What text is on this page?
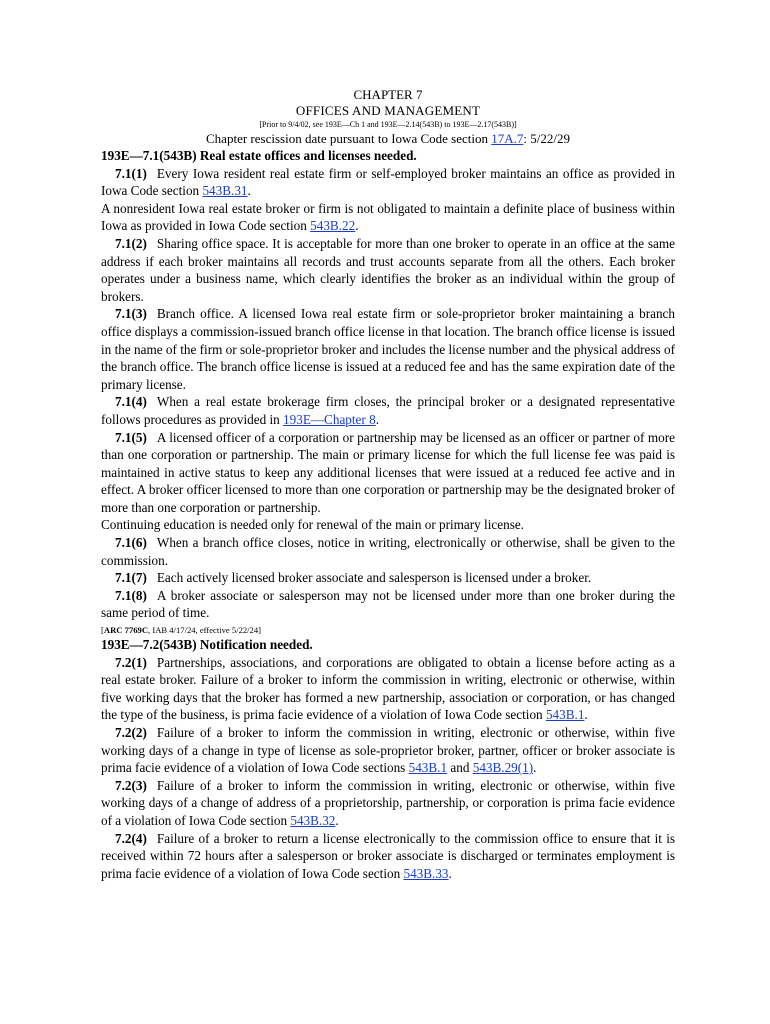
CHAPTER 7
OFFICES AND MANAGEMENT
[Prior to 9/4/02, see 193E—Ch 1 and 193E—2.14(543B) to 193E—2.17(543B)]
Chapter rescission date pursuant to Iowa Code section 17A.7: 5/22/29

193E—7.1(543B) Real estate offices and licenses needed.

7.1(1) Every Iowa resident real estate firm or self-employed broker maintains an office as provided in Iowa Code section 543B.31.

A nonresident Iowa real estate broker or firm is not obligated to maintain a definite place of business within Iowa as provided in Iowa Code section 543B.22.

7.1(2) Sharing office space. It is acceptable for more than one broker to operate in an office at the same address if each broker maintains all records and trust accounts separate from all the others. Each broker operates under a business name, which clearly identifies the broker as an individual within the group of brokers.

7.1(3) Branch office. A licensed Iowa real estate firm or sole-proprietor broker maintaining a branch office displays a commission-issued branch office license in that location. The branch office license is issued in the name of the firm or sole-proprietor broker and includes the license number and the physical address of the branch office. The branch office license is issued at a reduced fee and has the same expiration date of the primary license.

7.1(4) When a real estate brokerage firm closes, the principal broker or a designated representative follows procedures as provided in 193E—Chapter 8.

7.1(5) A licensed officer of a corporation or partnership may be licensed as an officer or partner of more than one corporation or partnership. The main or primary license for which the full license fee was paid is maintained in active status to keep any additional licenses that were issued at a reduced fee active and in effect. A broker officer licensed to more than one corporation or partnership may be the designated broker of more than one corporation or partnership.

Continuing education is needed only for renewal of the main or primary license.

7.1(6) When a branch office closes, notice in writing, electronically or otherwise, shall be given to the commission.

7.1(7) Each actively licensed broker associate and salesperson is licensed under a broker.

7.1(8) A broker associate or salesperson may not be licensed under more than one broker during the same period of time.

[ARC 7769C, IAB 4/17/24, effective 5/22/24]

193E—7.2(543B) Notification needed.

7.2(1) Partnerships, associations, and corporations are obligated to obtain a license before acting as a real estate broker. Failure of a broker to inform the commission in writing, electronic or otherwise, within five working days that the broker has formed a new partnership, association or corporation, or has changed the type of the business, is prima facie evidence of a violation of Iowa Code section 543B.1.

7.2(2) Failure of a broker to inform the commission in writing, electronic or otherwise, within five working days of a change in type of license as sole-proprietor broker, partner, officer or broker associate is prima facie evidence of a violation of Iowa Code sections 543B.1 and 543B.29(1).

7.2(3) Failure of a broker to inform the commission in writing, electronic or otherwise, within five working days of a change of address of a proprietorship, partnership, or corporation is prima facie evidence of a violation of Iowa Code section 543B.32.

7.2(4) Failure of a broker to return a license electronically to the commission office to ensure that it is received within 72 hours after a salesperson or broker associate is discharged or terminates employment is prima facie evidence of a violation of Iowa Code section 543B.33.
